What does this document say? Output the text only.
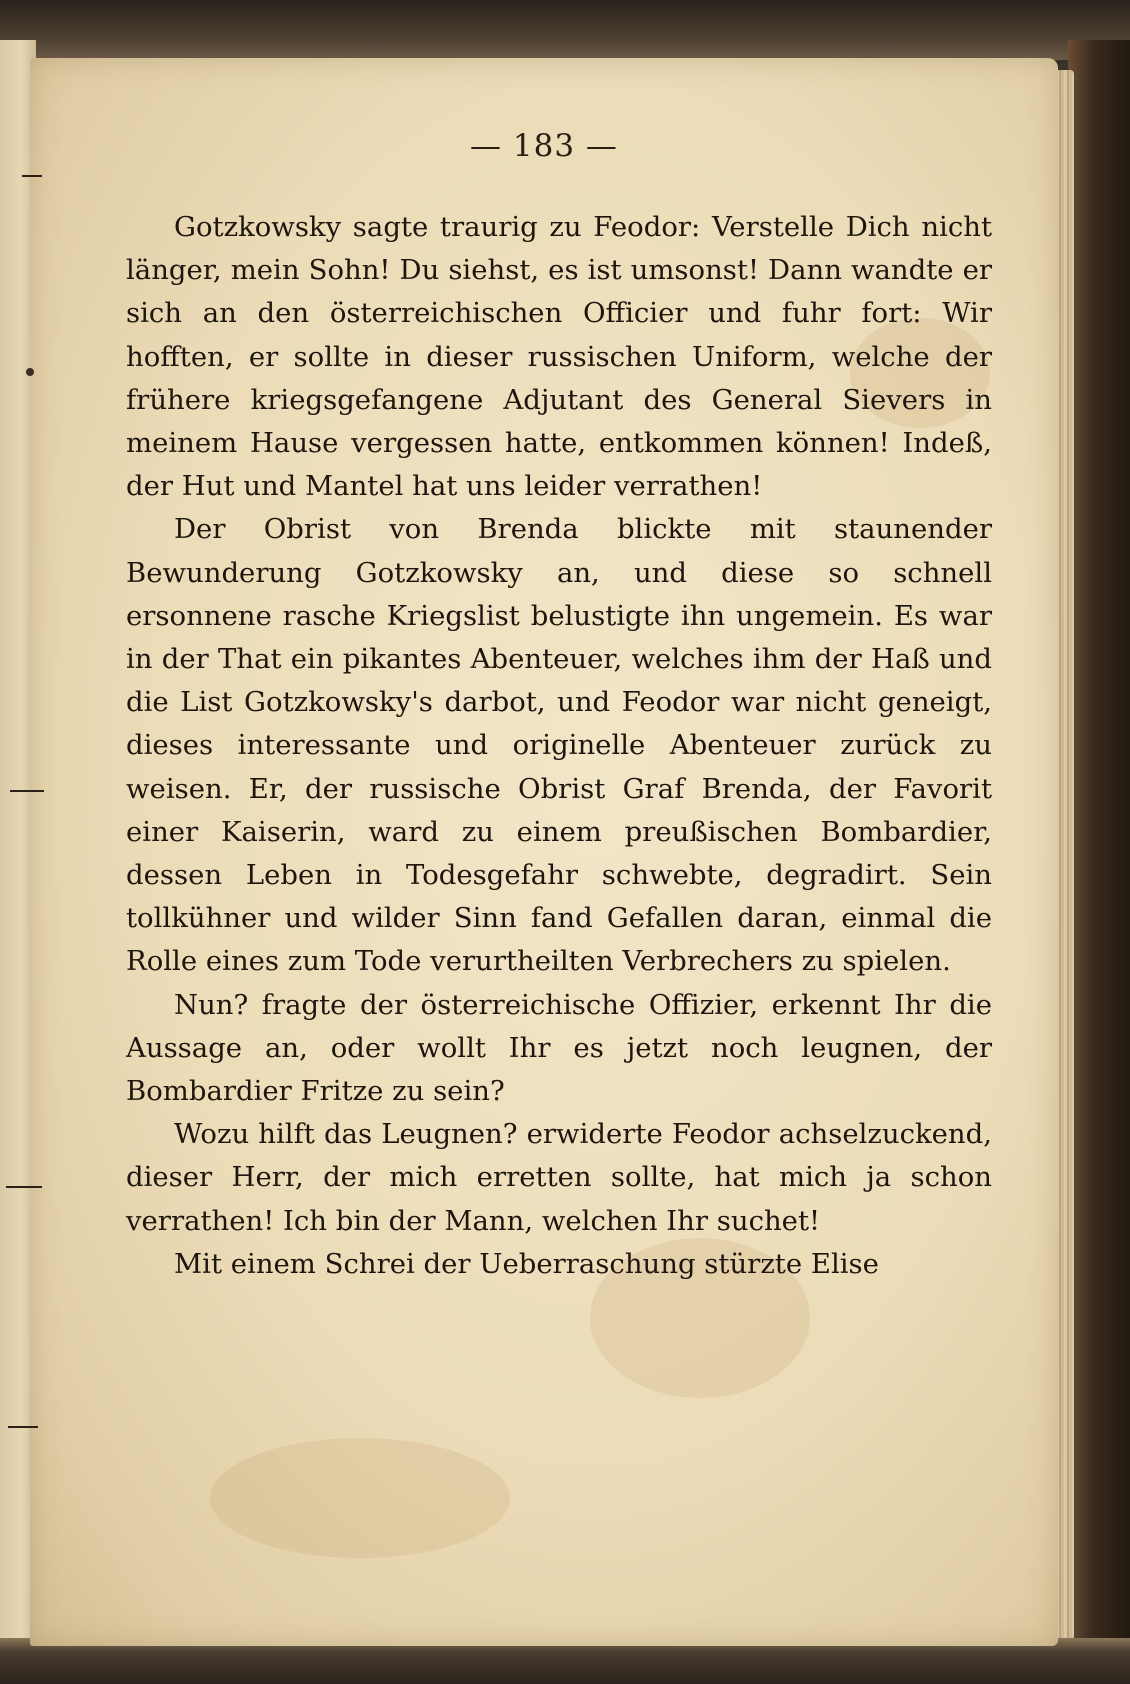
— 183 —

Gotzkowsky sagte traurig zu Feodor: Verstelle Dich nicht länger, mein Sohn! Du siehst, es ist umsonst! Dann wandte er sich an den österreichischen Officier und fuhr fort: Wir hofften, er sollte in dieser russischen Uniform, welche der frühere kriegsgefangene Adjutant des General Sievers in meinem Hause vergessen hatte, entkommen können! Indeß, der Hut und Mantel hat uns leider verrathen!

Der Obrist von Brenda blickte mit staunender Bewunderung Gotzkowsky an, und diese so schnell ersonnene rasche Kriegslist belustigte ihn ungemein. Es war in der That ein pikantes Abenteuer, welches ihm der Haß und die List Gotzkowsky's darbot, und Feodor war nicht geneigt, dieses interessante und originelle Abenteuer zurück zu weisen. Er, der russische Obrist Graf Brenda, der Favorit einer Kaiserin, ward zu einem preußischen Bombardier, dessen Leben in Todesgefahr schwebte, degradirt. Sein tollkühner und wilder Sinn fand Gefallen daran, einmal die Rolle eines zum Tode verurtheilten Verbrechers zu spielen.

Nun? fragte der österreichische Offizier, erkennt Ihr die Aussage an, oder wollt Ihr es jetzt noch leugnen, der Bombardier Fritze zu sein?

Wozu hilft das Leugnen? erwiderte Feodor achselzuckend, dieser Herr, der mich erretten sollte, hat mich ja schon verrathen! Ich bin der Mann, welchen Ihr suchet!

Mit einem Schrei der Ueberraschung stürzte Elise
